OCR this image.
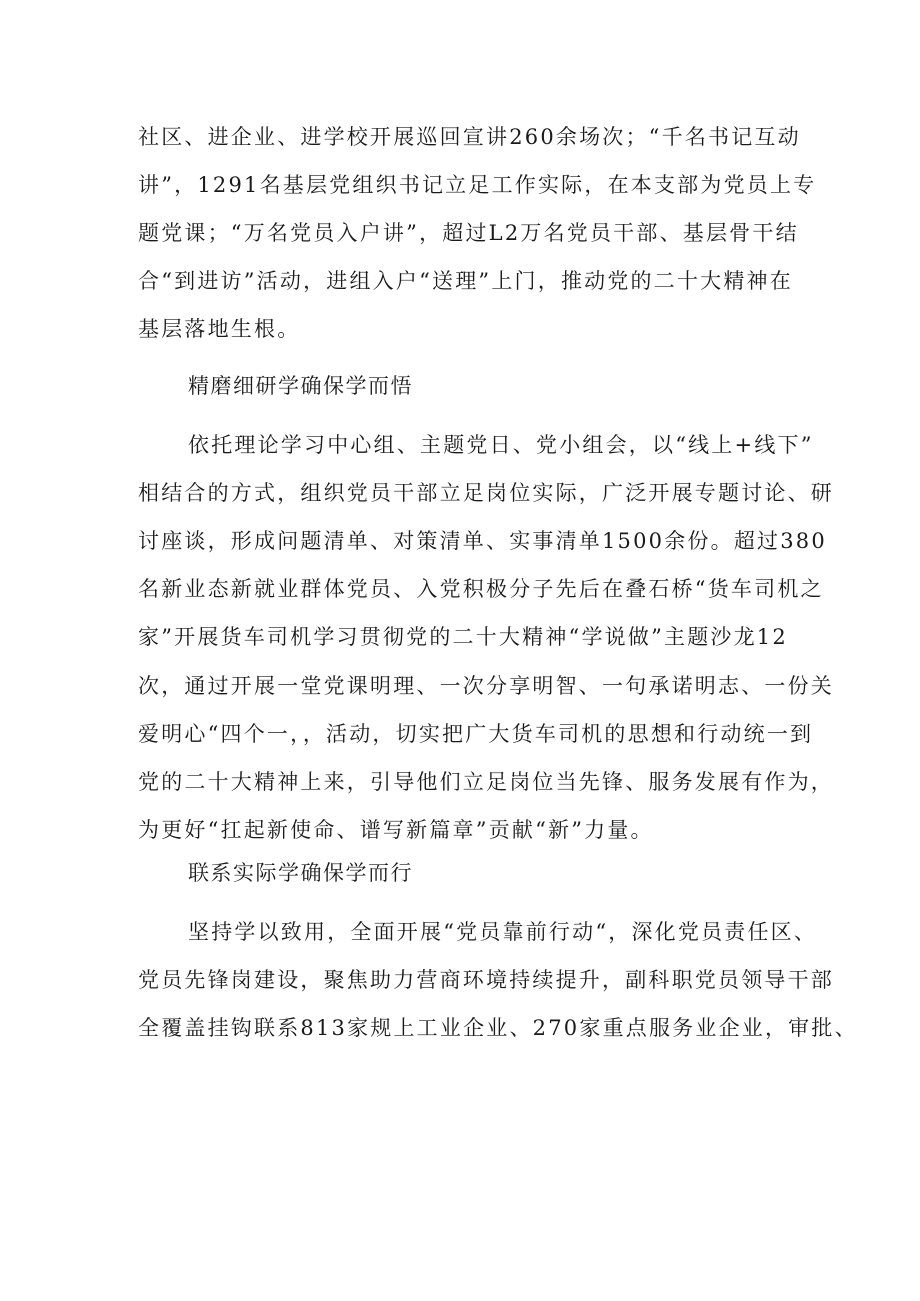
社区、进企业、进学校开展巡回宣讲260余场次；“千名书记互动
讲”，1291名基层党组织书记立足工作实际，在本支部为党员上专
题党课；“万名党员入户讲”，超过L2万名党员干部、基层骨干结
合“到进访”活动，进组入户“送理”上门，推动党的二十大精神在
基层落地生根。
精磨细研学确保学而悟
依托理论学习中心组、主题党日、党小组会，以“线上+线下”
相结合的方式，组织党员干部立足岗位实际，广泛开展专题讨论、研
讨座谈，形成问题清单、对策清单、实事清单1500余份。超过380
名新业态新就业群体党员、入党积极分子先后在叠石桥“货车司机之
家”开展货车司机学习贯彻党的二十大精神“学说做”主题沙龙12
次，通过开展一堂党课明理、一次分享明智、一句承诺明志、一份关
爱明心“四个一，，活动，切实把广大货车司机的思想和行动统一到
党的二十大精神上来，引导他们立足岗位当先锋、服务发展有作为，
为更好“扛起新使命、谱写新篇章”贡献“新”力量。
联系实际学确保学而行
坚持学以致用，全面开展“党员靠前行动“，深化党员责任区、
党员先锋岗建设，聚焦助力营商环境持续提升，副科职党员领导干部
全覆盖挂钩联系813家规上工业企业、270家重点服务业企业，审批、
